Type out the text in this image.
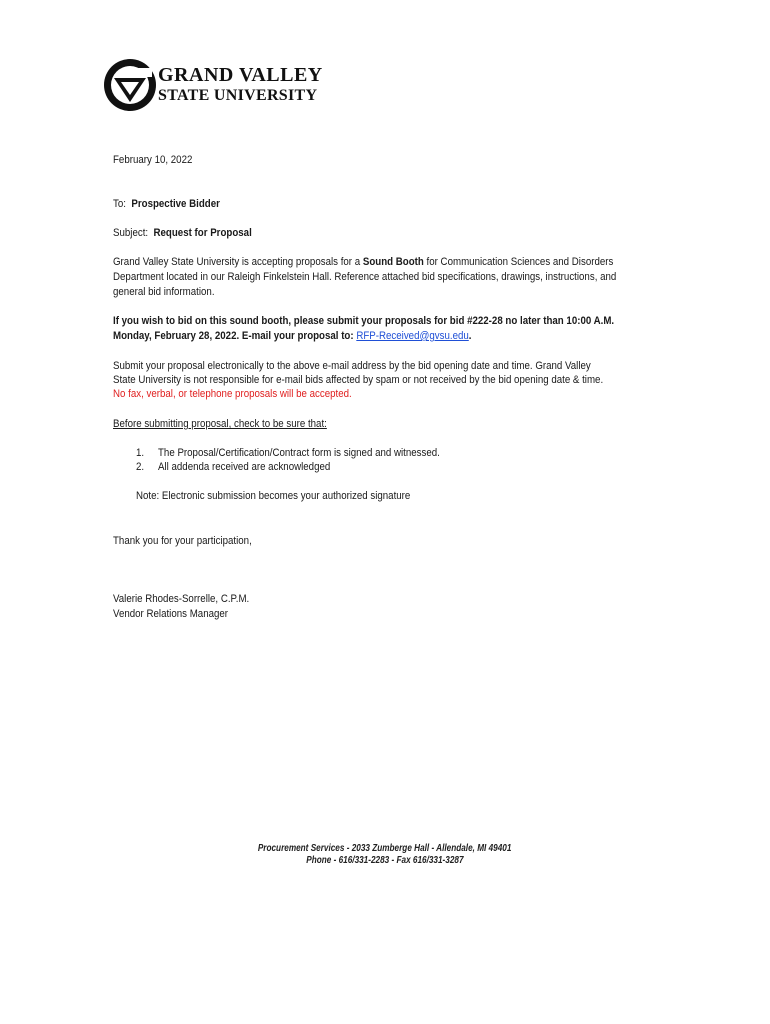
GRAND VALLEY
STATE UNIVERSITY
February 10, 2022
To: Prospective Bidder
Subject: Request for Proposal
Grand Valley State University is accepting proposals for a Sound Booth for Communication Sciences and Disorders
Department located in our Raleigh Finkelstein Hall. Reference attached bid specifications, drawings, instructions, and
general bid information.
If you wish to bid on this sound booth, please submit your proposals for bid #222-28 no later than 10:00 A.M.
Monday, February 28, 2022. E-mail your proposal to: RFP-Received@gvsu.edu.
Submit your proposal electronically to the above e-mail address by the bid opening date and time. Grand Valley
State University is not responsible for e-mail bids affected by spam or not received by the bid opening date & time.
No fax, verbal, or telephone proposals will be accepted.
Before submitting proposal, check to be sure that:
1. The Proposal/Certification/Contract form is signed and witnessed.
2. All addenda received are acknowledged
Note: Electronic submission becomes your authorized signature
Thank you for your participation,
Valerie Rhodes-Sorrelle, C.P.M.
Vendor Relations Manager
Procurement Services - 2033 Zumberge Hall - Allendale, MI 49401
Phone - 616/331-2283 - Fax 616/331-3287
